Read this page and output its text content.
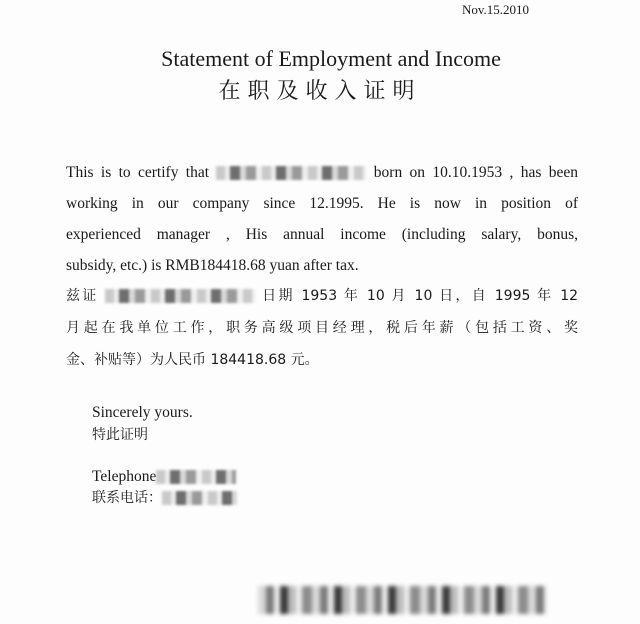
Nov.15.2010
Statement of Employment and Income
在职及收入证明
This is to certify that	born on 10.10.1953 , has been
working in our company since 12.1995. He is now in position of
experienced manager , His annual income (including salary, bonus,
subsidy, etc.) is RMB184418.68 yuan after tax.
兹证	日期 1953 年 10 月 10 日，自 1995 年 12
月起在我单位工作，职务高级项目经理，税后年薪（包括工资、奖
金、补贴等）为人民币 184418.68 元。
Sincerely yours.
特此证明
Telephone
联系电话：
